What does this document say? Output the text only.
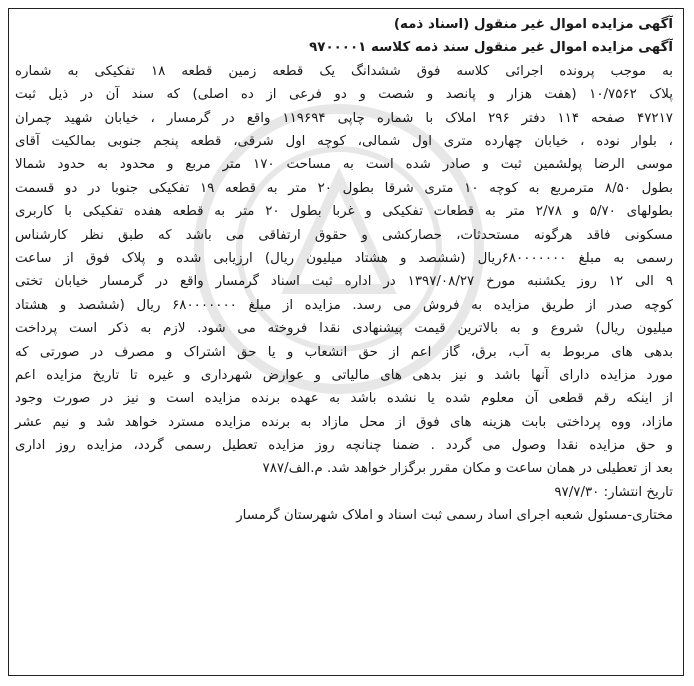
آگهی مزایده اموال غیر منقول (اسناد ذمه)
آگهی مزایده اموال غیر منقول سند ذمه کلاسه ۹۷۰۰۰۰۱
به موجب پرونده اجرائی کلاسه فوق ششدانگ یک قطعه زمین قطعه ۱۸ تفکیکی به شماره
پلاک ۱۰/۷۵۶۲ (هفت هزار و پانصد و شصت و دو فرعی از ده اصلی) که سند آن در ذیل ثبت
۴۷۲۱۷ صفحه ۱۱۴ دفتر ۲۹۶ املاک با شماره چاپی ۱۱۹۶۹۴ واقع در گرمسار ، خیابان شهید چمران
، بلوار نوده ، خیابان چهارده متری اول شمالی، کوچه اول شرقی، قطعه پنجم جنوبی بمالکیت آقای
موسی الرضا پولشمین ثبت و صادر شده است به مساحت ۱۷۰ متر مربع و محدود به حدود شمالا
بطول ۸/۵۰ مترمربع به کوچه ۱۰ متری شرقا بطول ۲۰ متر به قطعه ۱۹ تفکیکی جنوبا در دو قسمت
بطولهای ۵/۷۰ و ۲/۷۸ متر به قطعات تفکیکی و غربا بطول ۲۰ متر به قطعه هفده تفکیکی با کاربری
مسکونی فاقد هرگونه مستحدثات، حصارکشی و حقوق ارتفاقی می باشد که طبق نظر کارشناس
رسمی به مبلغ ۶۸۰۰۰۰۰۰۰ریال (ششصد و هشتاد میلیون ریال) ارزیابی شده و پلاک فوق از ساعت
۹ الی ۱۲ روز یکشنبه مورخ ۱۳۹۷/۰۸/۲۷ در اداره ثبت اسناد گرمسار واقع در گرمسار خیابان تختی
کوچه صدر از طریق مزایده به فروش می رسد. مزایده از مبلغ ۶۸۰۰۰۰۰۰۰ ریال (ششصد و هشتاد
میلیون ریال) شروع و به بالاترین قیمت پیشنهادی نقدا فروخته می شود. لازم به ذکر است پرداخت
بدهی های مربوط به آب، برق، گاز اعم از حق انشعاب و یا حق اشتراک و مصرف در صورتی که
مورد مزایده دارای آنها باشد و نیز بدهی های مالیاتی و عوارض شهرداری و غیره تا تاریخ مزایده اعم
از اینکه رقم قطعی آن معلوم شده یا نشده باشد به عهده برنده مزایده است و نیز در صورت وجود
مازاد، ووه پرداختی بابت هزینه های فوق از محل مازاد به برنده مزایده مسترد خواهد شد و نیم عشر
و حق مزایده نقدا وصول می گردد . ضمنا چنانچه روز مزایده تعطیل رسمی گردد، مزایده روز اداری
بعد از تعطیلی در همان ساعت و مکان مقرر برگزار خواهد شد. م.الف/۷۸۷
تاریخ انتشار: ۹۷/۷/۳۰
مختاری-مسئول شعبه اجرای اساد رسمی ثبت اسناد و املاک شهرستان گرمسار
